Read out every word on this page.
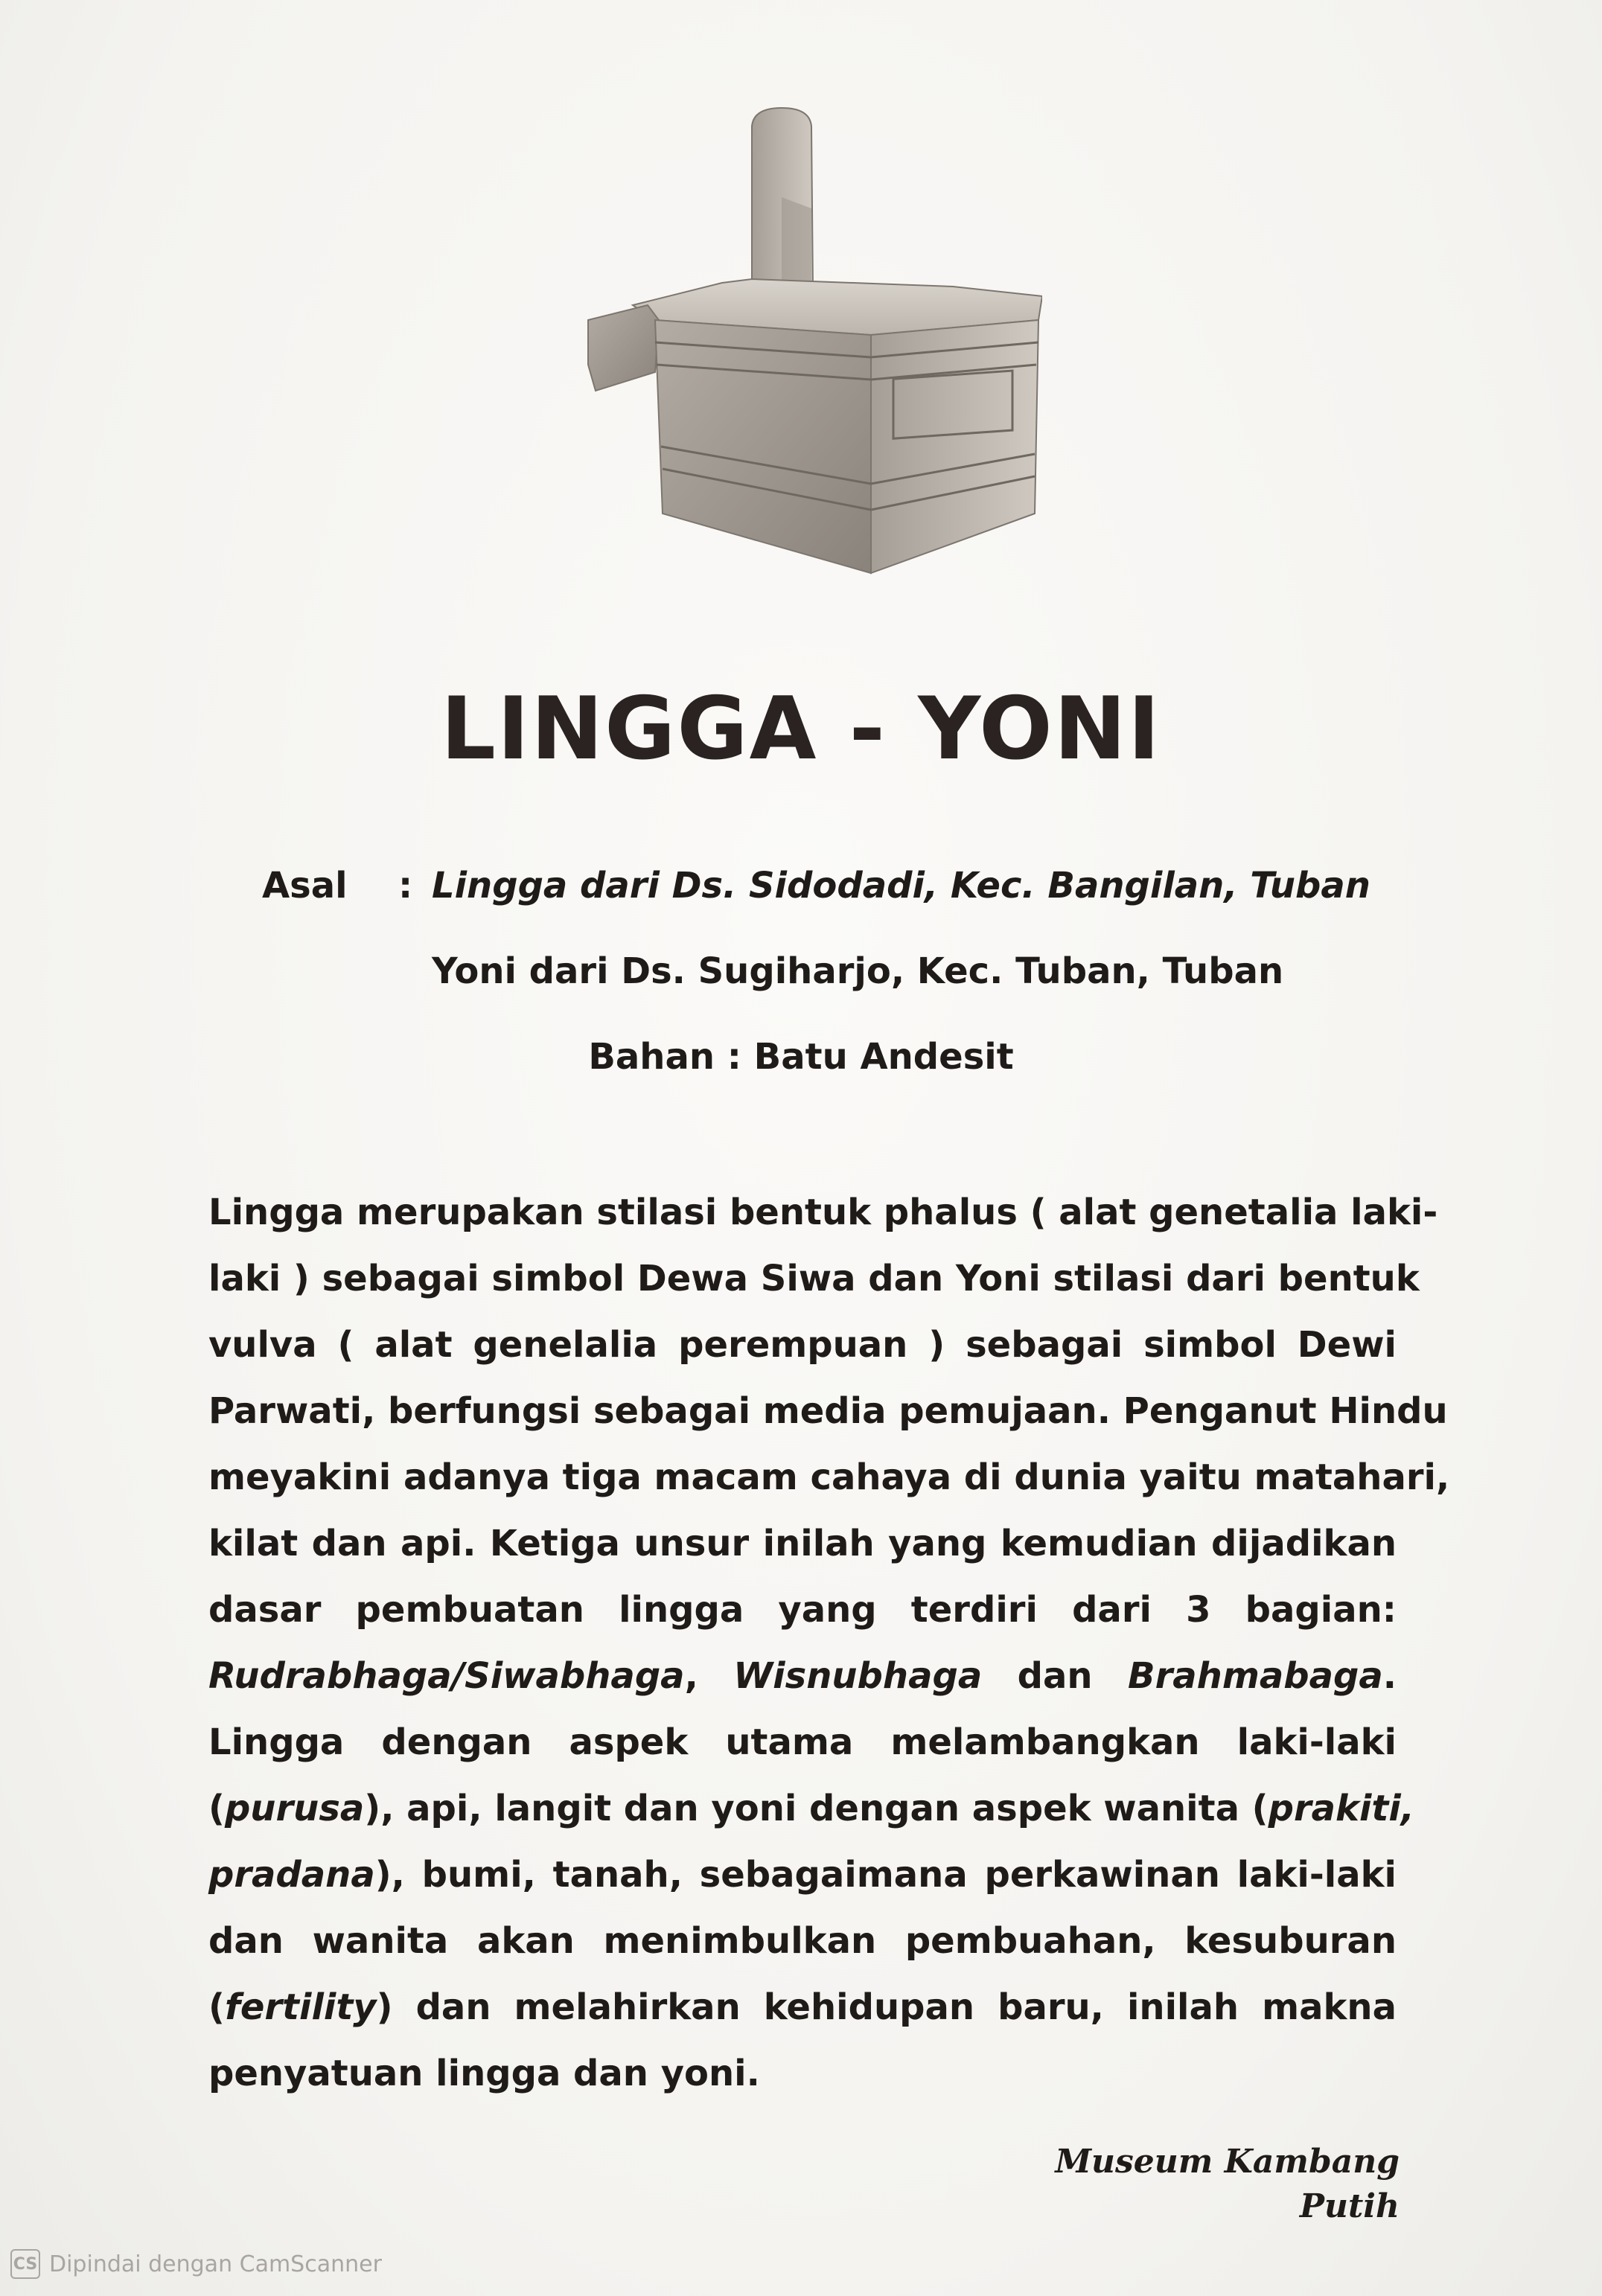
LINGGA - YONI
Asal : Lingga dari Ds. Sidodadi, Kec. Bangilan, Tuban
Yoni dari Ds. Sugiharjo, Kec. Tuban, Tuban
Bahan : Batu Andesit
Lingga merupakan stilasi bentuk phalus ( alat genetalia laki-
laki ) sebagai simbol Dewa Siwa dan Yoni stilasi dari bentuk
vulva ( alat genelalia perempuan ) sebagai simbol Dewi
Parwati, berfungsi sebagai media pemujaan. Penganut Hindu
meyakini adanya tiga macam cahaya di dunia yaitu matahari,
kilat dan api. Ketiga unsur inilah yang kemudian dijadikan
dasar pembuatan lingga yang terdiri dari 3 bagian:
Rudrabhaga/Siwabhaga, Wisnubhaga dan Brahmabaga.
Lingga dengan aspek utama melambangkan laki-laki
(purusa), api, langit dan yoni dengan aspek wanita (prakiti,
pradana), bumi, tanah, sebagaimana perkawinan laki-laki
dan wanita akan menimbulkan pembuahan, kesuburan
(fertility) dan melahirkan kehidupan baru, inilah makna
penyatuan lingga dan yoni.
Museum Kambang Putih
CS Dipindai dengan CamScanner
